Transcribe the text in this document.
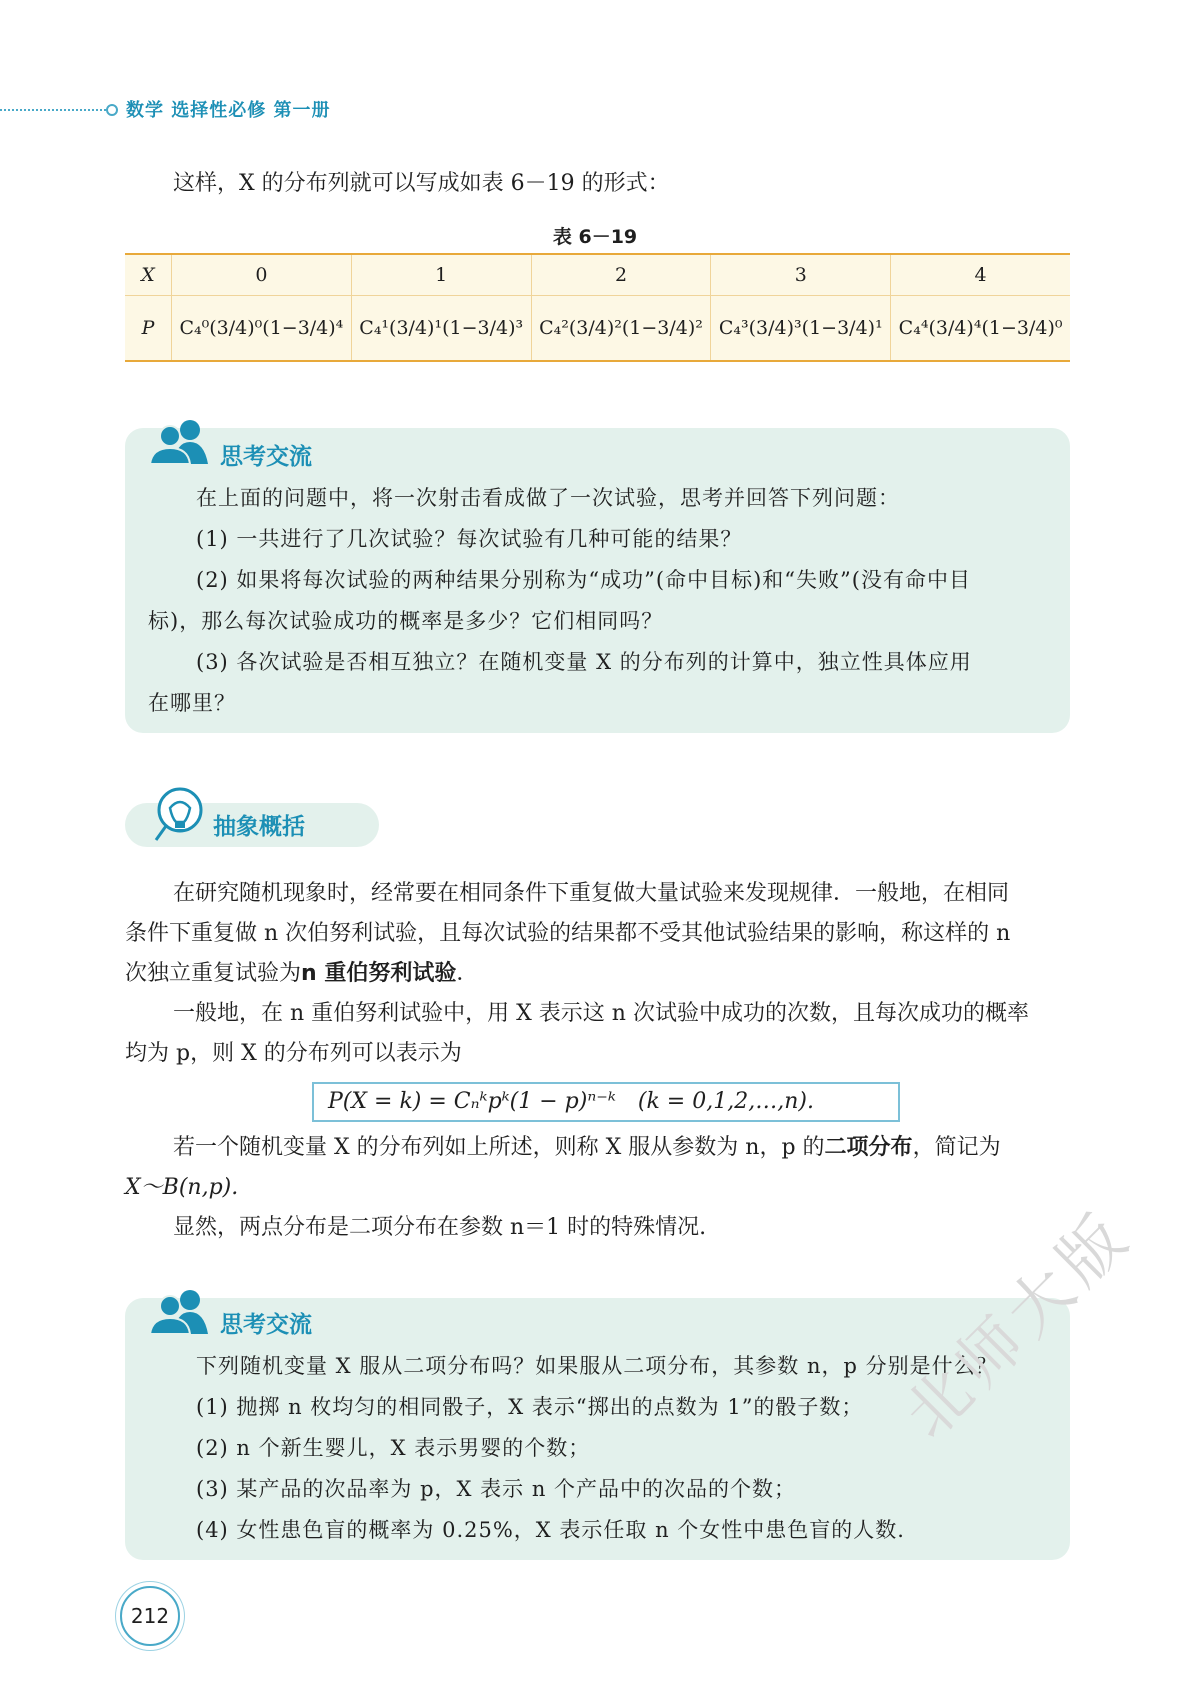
数学 选择性必修 第一册
这样，X 的分布列就可以写成如表 6－19 的形式：
表 6－19
X	0	1	2	3	4
P	C₄⁰(3/4)⁰(1−3/4)⁴	C₄¹(3/4)¹(1−3/4)³	C₄²(3/4)²(1−3/4)²	C₄³(3/4)³(1−3/4)¹	C₄⁴(3/4)⁴(1−3/4)⁰
思考交流
在上面的问题中，将一次射击看成做了一次试验，思考并回答下列问题：
(1) 一共进行了几次试验？每次试验有几种可能的结果？
(2) 如果将每次试验的两种结果分别称为“成功”(命中目标)和“失败”(没有命中目
标)，那么每次试验成功的概率是多少？它们相同吗？
(3) 各次试验是否相互独立？在随机变量 X 的分布列的计算中，独立性具体应用
在哪里？
抽象概括
在研究随机现象时，经常要在相同条件下重复做大量试验来发现规律．一般地，在相同
条件下重复做 n 次伯努利试验，且每次试验的结果都不受其他试验结果的影响，称这样的 n
次独立重复试验为n 重伯努利试验．
一般地，在 n 重伯努利试验中，用 X 表示这 n 次试验中成功的次数，且每次成功的概率
均为 p，则 X 的分布列可以表示为
P(X = k) = Cₙᵏpᵏ(1 − p)ⁿ⁻ᵏ　(k = 0,1,2,…,n).
若一个随机变量 X 的分布列如上所述，则称 X 服从参数为 n，p 的二项分布，简记为
X～B(n,p).
显然，两点分布是二项分布在参数 n＝1 时的特殊情况.
思考交流
下列随机变量 X 服从二项分布吗？如果服从二项分布，其参数 n，p 分别是什么？
(1) 抛掷 n 枚均匀的相同骰子，X 表示“掷出的点数为 1”的骰子数；
(2) n 个新生婴儿，X 表示男婴的个数；
(3) 某产品的次品率为 p，X 表示 n 个产品中的次品的个数；
(4) 女性患色盲的概率为 0.25%，X 表示任取 n 个女性中患色盲的人数.
212
北师大版
